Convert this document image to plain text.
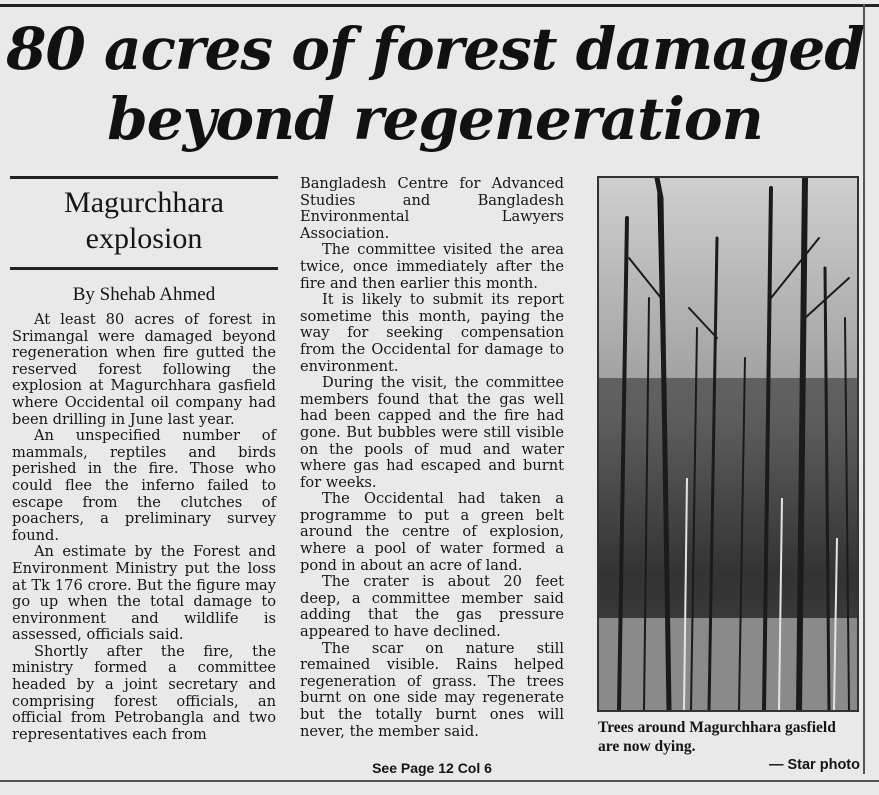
80 acres of forest damaged
beyond regeneration
Magurchhara
explosion
By Shehab Ahmed

At least 80 acres of forest in Srimangal were damaged beyond regeneration when fire gutted the reserved forest following the explosion at Magurchhara gasfield where Occidental oil company had been drilling in June last year.

An unspecified number of mammals, reptiles and birds perished in the fire. Those who could flee the inferno failed to escape from the clutches of poachers, a preliminary survey found.

An estimate by the Forest and Environment Ministry put the loss at Tk 176 crore. But the figure may go up when the total damage to environment and wildlife is assessed, officials said.

Shortly after the fire, the ministry formed a committee headed by a joint secretary and comprising forest officials, an official from Petrobangla and two representatives each from

Bangladesh Centre for Advanced Studies and Bangladesh Environmental Lawyers Association.

The committee visited the area twice, once immediately after the fire and then earlier this month.

It is likely to submit its report sometime this month, paying the way for seeking compensation from the Occidental for damage to environment.

During the visit, the committee members found that the gas well had been capped and the fire had gone. But bubbles were still visible on the pools of mud and water where gas had escaped and burnt for weeks.

The Occidental had taken a programme to put a green belt around the centre of explosion, where a pool of water formed a pond in about an acre of land.

The crater is about 20 feet deep, a committee member said adding that the gas pressure appeared to have declined.

The scar on nature still remained visible. Rains helped regeneration of grass. The trees burnt on one side may regenerate but the totally burnt ones will never, the member said.

See Page 12 Col 6
Trees around Magurchhara gasfield are now dying.
— Star photo
